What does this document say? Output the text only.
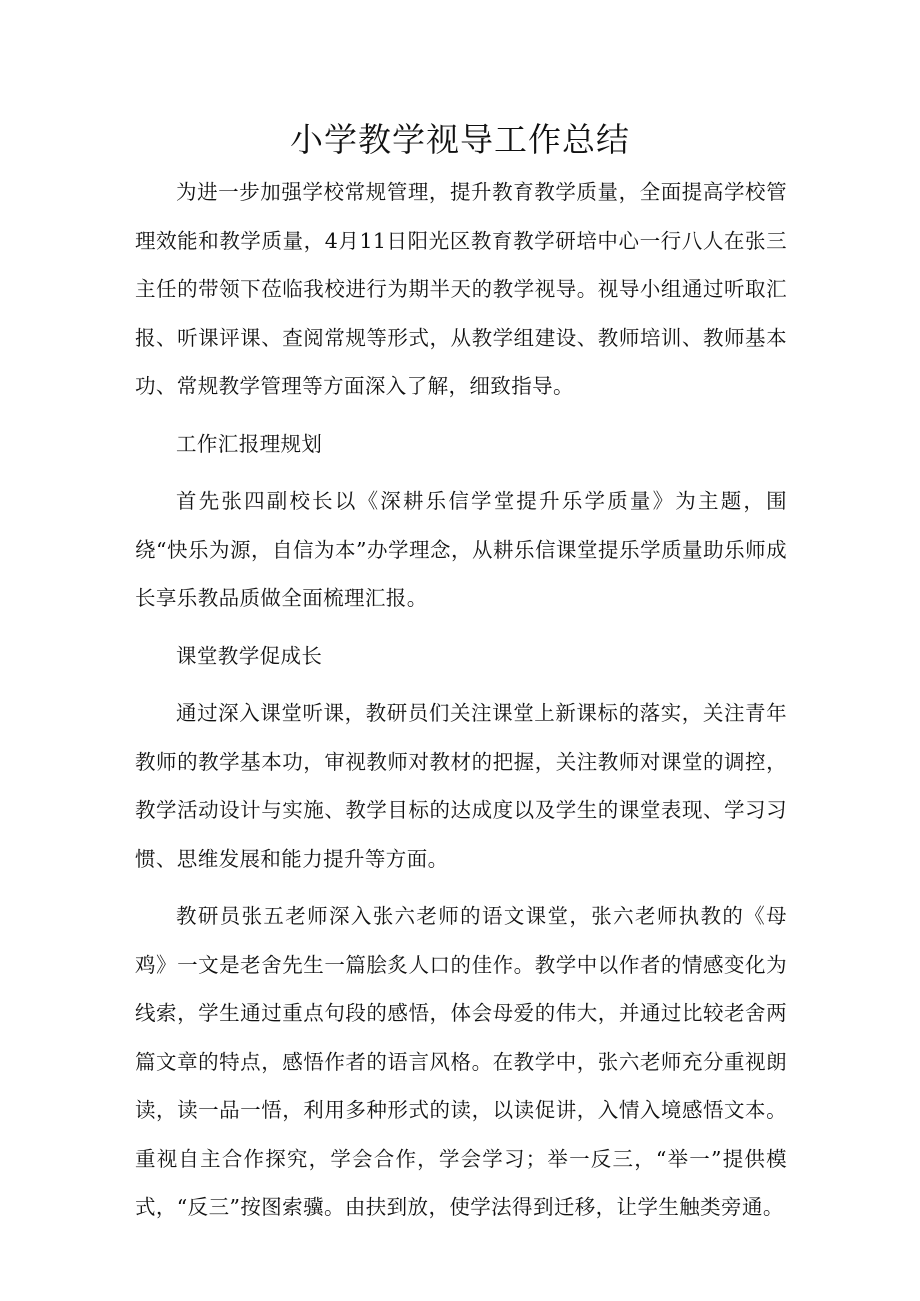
小学教学视导工作总结

为进一步加强学校常规管理，提升教育教学质量，全面提高学校管理效能和教学质量，4月11日阳光区教育教学研培中心一行八人在张三主任的带领下莅临我校进行为期半天的教学视导。视导小组通过听取汇报、听课评课、查阅常规等形式，从教学组建设、教师培训、教师基本功、常规教学管理等方面深入了解，细致指导。

工作汇报理规划

首先张四副校长以《深耕乐信学堂提升乐学质量》为主题，围绕“快乐为源，自信为本”办学理念，从耕乐信课堂提乐学质量助乐师成长享乐教品质做全面梳理汇报。

课堂教学促成长

通过深入课堂听课，教研员们关注课堂上新课标的落实，关注青年教师的教学基本功，审视教师对教材的把握，关注教师对课堂的调控，教学活动设计与实施、教学目标的达成度以及学生的课堂表现、学习习惯、思维发展和能力提升等方面。

教研员张五老师深入张六老师的语文课堂，张六老师执教的《母鸡》一文是老舍先生一篇脍炙人口的佳作。教学中以作者的情感变化为线索，学生通过重点句段的感悟，体会母爱的伟大，并通过比较老舍两篇文章的特点，感悟作者的语言风格。在教学中，张六老师充分重视朗读，读一品一悟，利用多种形式的读，以读促讲，入情入境感悟文本。重视自主合作探究，学会合作，学会学习；举一反三，“举一”提供模式，“反三”按图索骥。由扶到放，使学法得到迁移，让学生触类旁通。
